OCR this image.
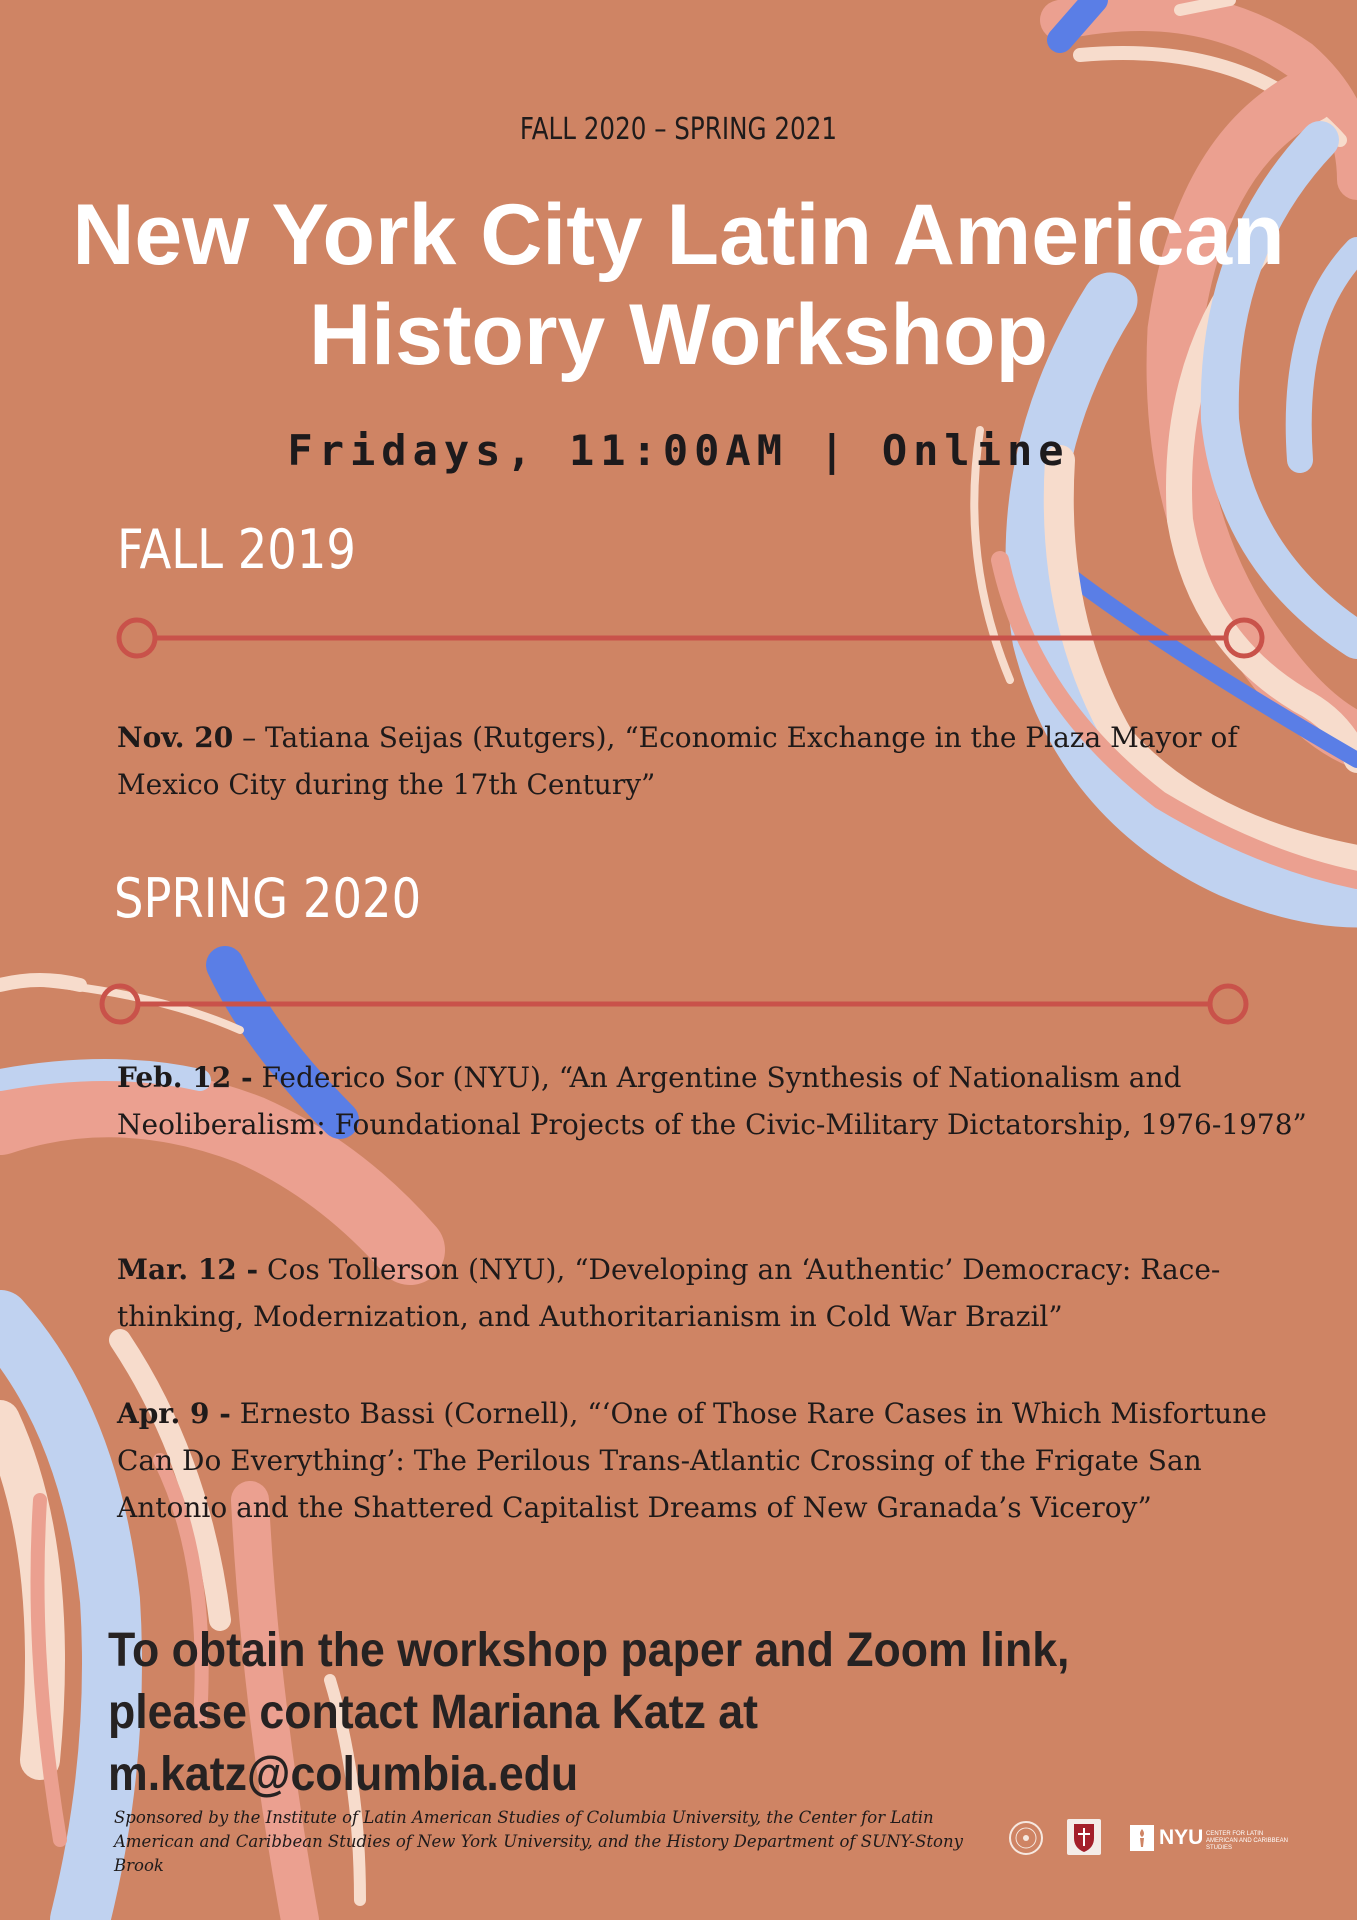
FALL 2020 – SPRING 2021
New York City Latin American History Workshop
Fridays, 11:00AM | Online
FALL 2019
Nov. 20 – Tatiana Seijas (Rutgers), “Economic Exchange in the Plaza Mayor of Mexico City during the 17th Century”
SPRING 2020
Feb. 12 - Federico Sor (NYU), “An Argentine Synthesis of Nationalism and Neoliberalism: Foundational Projects of the Civic-Military Dictatorship, 1976-1978”
Mar. 12 - Cos Tollerson (NYU), “Developing an ‘Authentic’ Democracy: Race-thinking, Modernization, and Authoritarianism in Cold War Brazil”
Apr. 9 - Ernesto Bassi (Cornell), “‘One of Those Rare Cases in Which Misfortune Can Do Everything’: The Perilous Trans-Atlantic Crossing of the Frigate San Antonio and the Shattered Capitalist Dreams of New Granada’s Viceroy”
To obtain the workshop paper and Zoom link,
please contact Mariana Katz at m.katz@columbia.edu
Sponsored by the Institute of Latin American Studies of Columbia University, the Center for Latin American and Caribbean Studies of New York University, and the History Department of SUNY-Stony Brook
NYU CENTER FOR LATIN AMERICAN AND CARIBBEAN STUDIES
